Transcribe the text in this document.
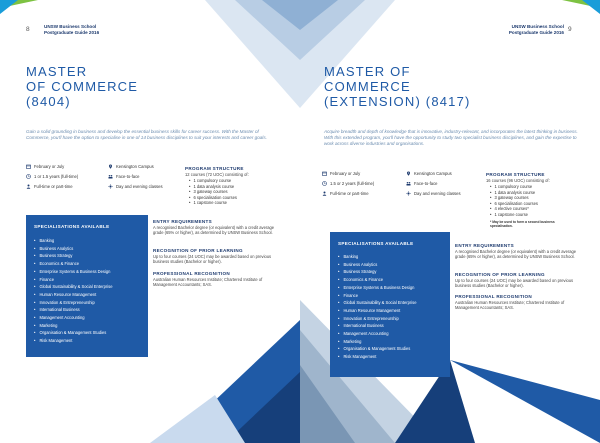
8	UNSW Business School
Postgraduate Guide 2016
MASTER
OF COMMERCE
(8404)
Gain a solid grounding in business and develop the essential business skills for career success. With the Master of Commerce, you'll have the option to specialise in one of 14 business disciplines to suit your interests and career goals.
February or July
1 or 1.5 years (full-time)
Full-time or part-time
Kensington Campus
Face-to-face
Day and evening classes
PROGRAM STRUCTURE
12 courses (72 UOC) consisting of:
• 1 compulsory course
• 1 data analysis course
• 3 gateway courses
• 6 specialisation courses
• 1 capstone course
SPECIALISATIONS AVAILABLE
• Banking
• Business Analytics
• Business Strategy
• Economics & Finance
• Enterprise Systems & Business Design
• Finance
• Global Sustainability & Social Enterprise
• Human Resource Management
• Innovation & Entrepreneurship
• International Business
• Management Accounting
• Marketing
• Organisation & Management Studies
• Risk Management
ENTRY REQUIREMENTS
A recognised Bachelor degree (or equivalent) with a credit average grade (65% or higher), as determined by UNSW Business School.
RECOGNITION OF PRIOR LEARNING
Up to four courses (24 UOC) may be awarded based on previous business studies (Bachelor or higher).
PROFESSIONAL RECOGNITION
Australian Human Resources Institute; Chartered Institute of Management Accountants; SAS.
UNSW Business School
Postgraduate Guide 2016 9
MASTER OF
COMMERCE
(EXTENSION) (8417)
Acquire breadth and depth of knowledge that is innovative, industry-relevant, and incorporates the latest thinking in business. With this extended program, you'll have the opportunity to study two specialist business disciplines, and gain the expertise to work across diverse industries and organisations.
February or July
1.5 or 2 years (full-time)
Full-time or part-time
Kensington Campus
Face-to-face
Day and evening classes
PROGRAM STRUCTURE
16 courses (96 UOC) consisting of:
• 1 compulsory course
• 1 data analysis course
• 3 gateway courses
• 6 specialisation courses
• 4 elective courses*
• 1 capstone course
* May be used to form a second business specialisation.
SPECIALISATIONS AVAILABLE
• Banking
• Business Analytics
• Business Strategy
• Economics & Finance
• Enterprise Systems & Business Design
• Finance
• Global Sustainability & Social Enterprise
• Human Resource Management
• Innovation & Entrepreneurship
• International Business
• Management Accounting
• Marketing
• Organisation & Management Studies
• Risk Management
ENTRY REQUIREMENTS
A recognised Bachelor degree (or equivalent) with a credit average grade (65% or higher), as determined by UNSW Business School.
RECOGNITION OF PRIOR LEARNING
Up to four courses (24 UOC) may be awarded based on previous business studies (Bachelor or higher).
PROFESSIONAL RECOGNITION
Australian Human Resources Institute; Chartered Institute of Management Accountants; SAS.
